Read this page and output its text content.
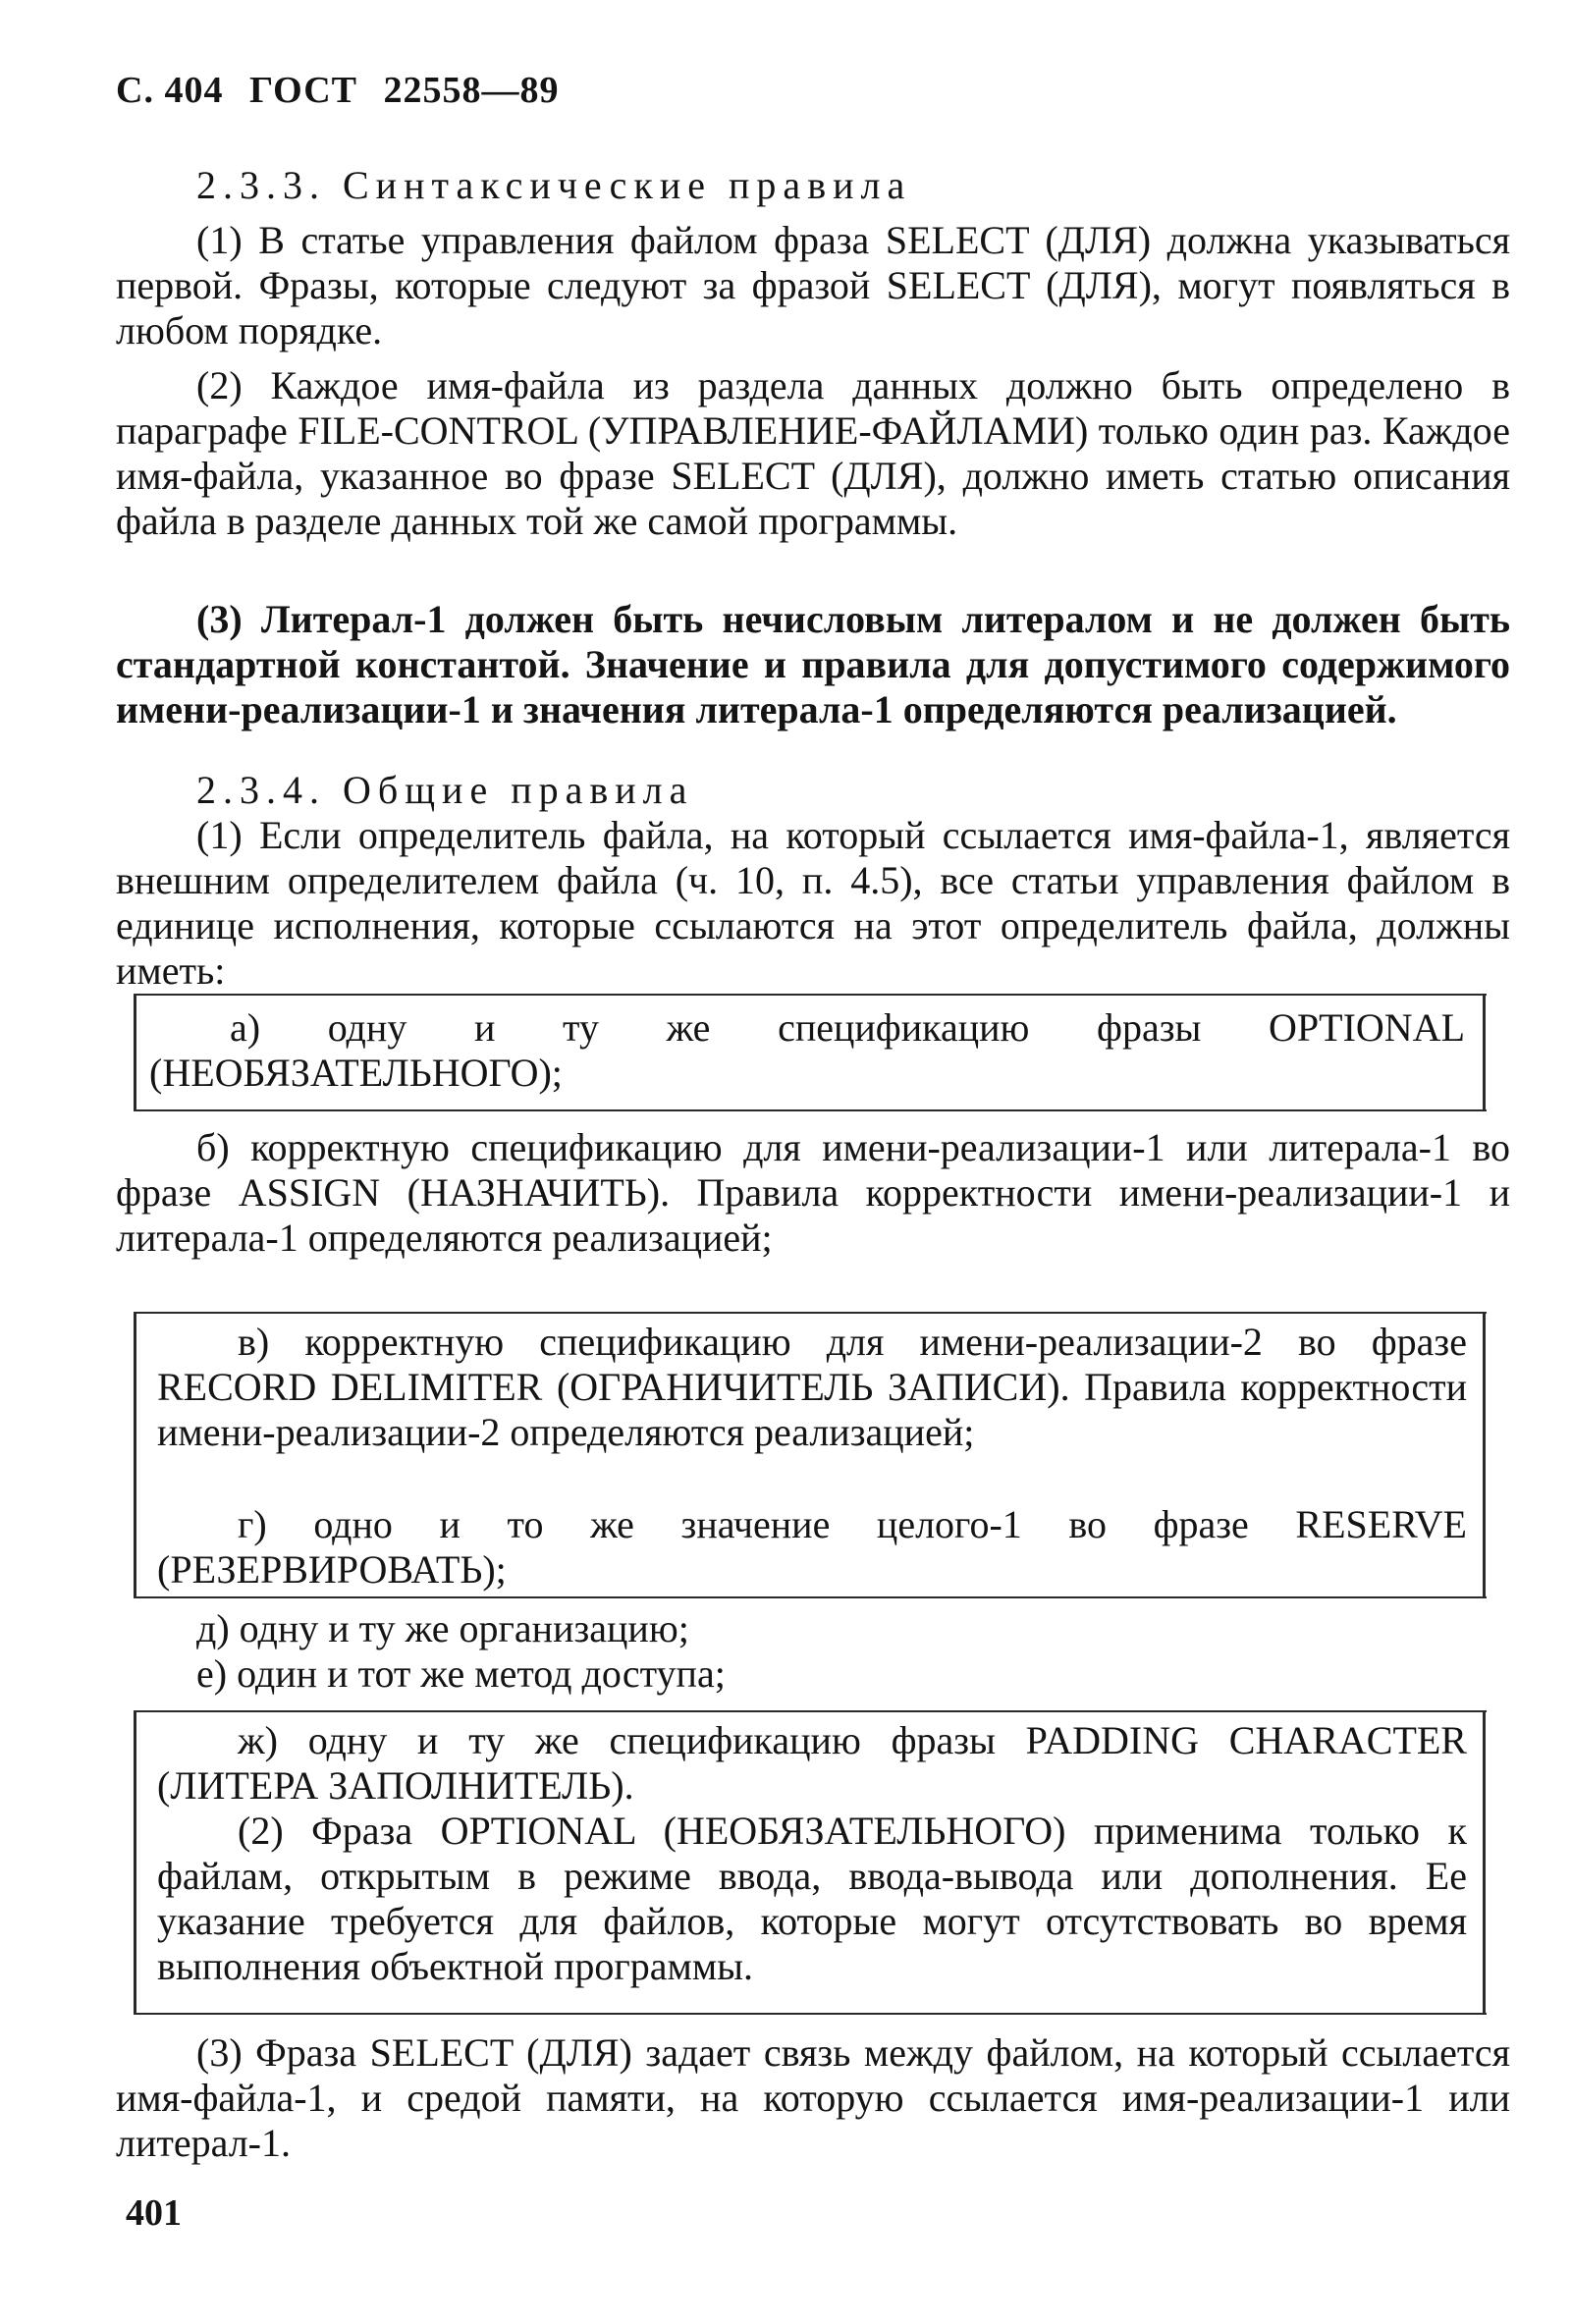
С. 404 ГОСТ 22558—89

2.3.3. Синтаксические правила

(1) В статье управления файлом фраза SELECT (ДЛЯ) должна указываться первой. Фразы, которые следуют за фразой SELECT (ДЛЯ), могут появляться в любом порядке.

(2) Каждое имя-файла из раздела данных должно быть определено в параграфе FILE-CONTROL (УПРАВЛЕНИЕ-ФАЙЛАМИ) только один раз. Каждое имя-файла, указанное во фразе SELECT (ДЛЯ), должно иметь статью описания файла в разделе данных той же самой программы.

(3) Литерал-1 должен быть нечисловым литералом и не должен быть стандартной константой. Значение и правила для допустимого содержимого имени-реализации-1 и значения литерала-1 определяются реализацией.

2.3.4. Общие правила

(1) Если определитель файла, на который ссылается имя-файла-1, является внешним определителем файла (ч. 10, п. 4.5), все статьи управления файлом в единице исполнения, которые ссылаются на этот определитель файла, должны иметь:

а) одну и ту же спецификацию фразы OPTIONAL (НЕОБЯЗАТЕЛЬНОГО);

б) корректную спецификацию для имени-реализации-1 или литерала-1 во фразе ASSIGN (НАЗНАЧИТЬ). Правила корректности имени-реализации-1 и литерала-1 определяются реализацией;

в) корректную спецификацию для имени-реализации-2 во фразе RECORD DELIMITER (ОГРАНИЧИТЕЛЬ ЗАПИСИ). Правила корректности имени-реализации-2 определяются реализацией;

г) одно и то же значение целого-1 во фразе RESERVE (РЕЗЕРВИРОВАТЬ);

д) одну и ту же организацию;

е) один и тот же метод доступа;

ж) одну и ту же спецификацию фразы PADDING CHARACTER (ЛИТЕРА ЗАПОЛНИТЕЛЬ).

(2) Фраза OPTIONAL (НЕОБЯЗАТЕЛЬНОГО) применима только к файлам, открытым в режиме ввода, ввода-вывода или дополнения. Ее указание требуется для файлов, которые могут отсутствовать во время выполнения объектной программы.

(3) Фраза SELECT (ДЛЯ) задает связь между файлом, на который ссылается имя-файла-1, и средой памяти, на которую ссылается имя-реализации-1 или литерал-1.

401
